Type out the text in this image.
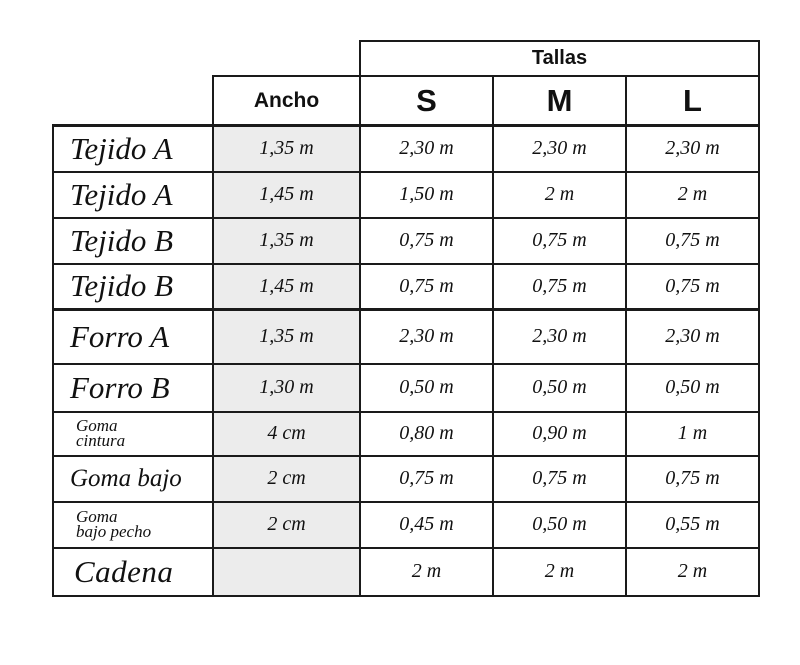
		Tallas		
	Ancho	S	M	L
Tejido A	1,35 m	2,30 m	2,30 m	2,30 m
Tejido A	1,45 m	1,50 m	2 m	2 m
Tejido B	1,35 m	0,75 m	0,75 m	0,75 m
Tejido B	1,45 m	0,75 m	0,75 m	0,75 m
Forro A	1,35 m	2,30 m	2,30 m	2,30 m
Forro B	1,30 m	0,50 m	0,50 m	0,50 m

Goma
cintura	4 cm	0,80 m	0,90 m	1 m
Goma bajo	2 cm	0,75 m	0,75 m	0,75 m

Goma
bajo pecho	2 cm	0,45 m	0,50 m	0,55 m
Cadena		2 m	2 m	2 m
